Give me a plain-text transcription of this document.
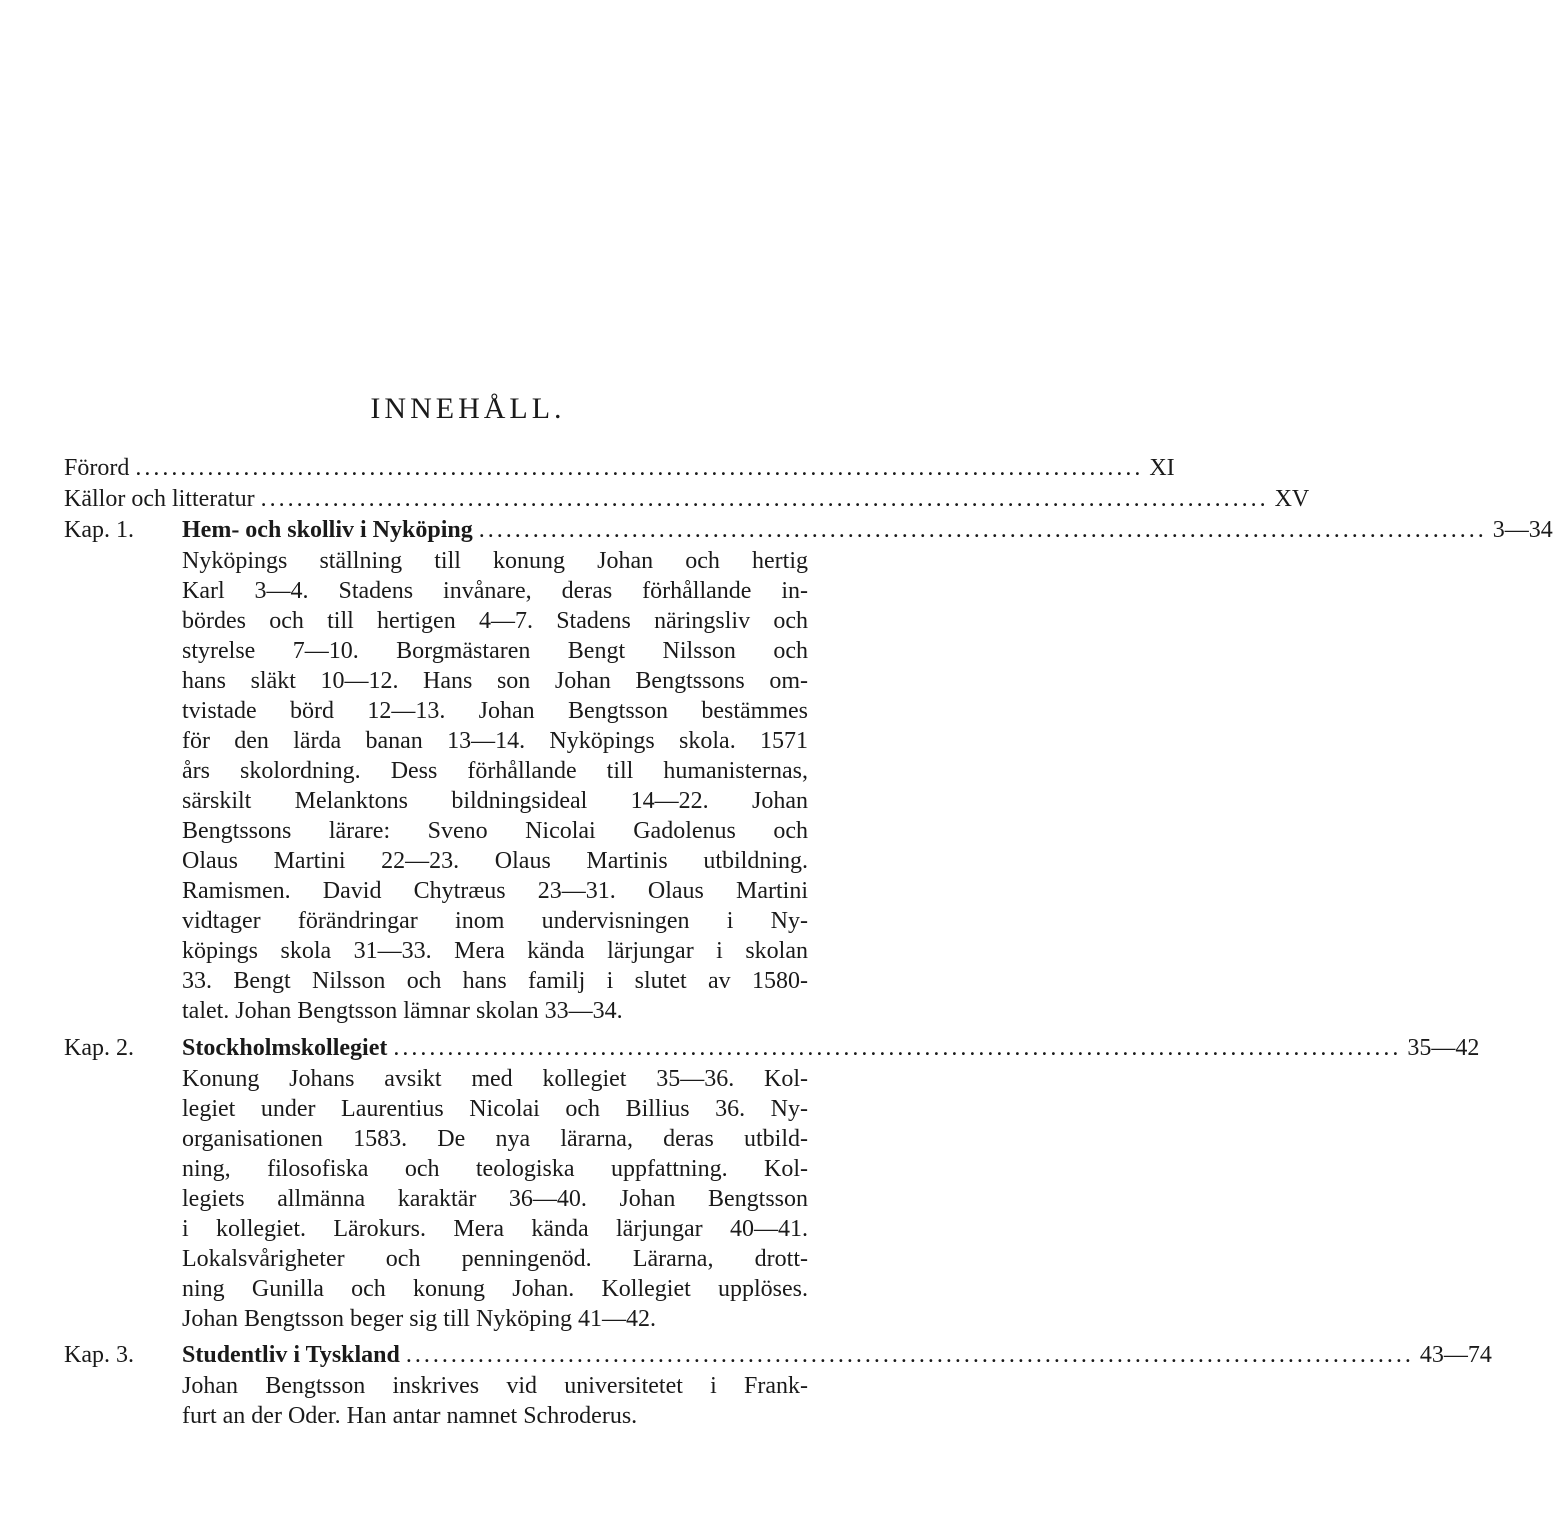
INNEHÅLL.
Förord ................................................................................................................ XI
Källor och litteratur ................................................................................................................ XV
Kap. 1. Hem- och skolliv i Nyköping ................................................................................................................ 3—34
Nyköpings ställning till konung Johan och hertig
Karl 3—4. Stadens invånare, deras förhållande in-
bördes och till hertigen 4—7. Stadens näringsliv och
styrelse 7—10. Borgmästaren Bengt Nilsson och
hans släkt 10—12. Hans son Johan Bengtssons om-
tvistade börd 12—13. Johan Bengtsson bestämmes
för den lärda banan 13—14. Nyköpings skola. 1571
års skolordning. Dess förhållande till humanisternas,
särskilt Melanktons bildningsideal 14—22. Johan
Bengtssons lärare: Sveno Nicolai Gadolenus och
Olaus Martini 22—23. Olaus Martinis utbildning.
Ramismen. David Chytræus 23—31. Olaus Martini
vidtager förändringar inom undervisningen i Ny-
köpings skola 31—33. Mera kända lärjungar i skolan
33. Bengt Nilsson och hans familj i slutet av 1580-
talet. Johan Bengtsson lämnar skolan 33—34.
Kap. 2. Stockholmskollegiet ................................................................................................................ 35—42
Konung Johans avsikt med kollegiet 35—36. Kol-
legiet under Laurentius Nicolai och Billius 36. Ny-
organisationen 1583. De nya lärarna, deras utbild-
ning, filosofiska och teologiska uppfattning. Kol-
legiets allmänna karaktär 36—40. Johan Bengtsson
i kollegiet. Lärokurs. Mera kända lärjungar 40—41.
Lokalsvårigheter och penningenöd. Lärarna, drott-
ning Gunilla och konung Johan. Kollegiet upplöses.
Johan Bengtsson beger sig till Nyköping 41—42.
Kap. 3. Studentliv i Tyskland ................................................................................................................ 43—74
Johan Bengtsson inskrives vid universitetet i Frank-
furt an der Oder. Han antar namnet Schroderus.
